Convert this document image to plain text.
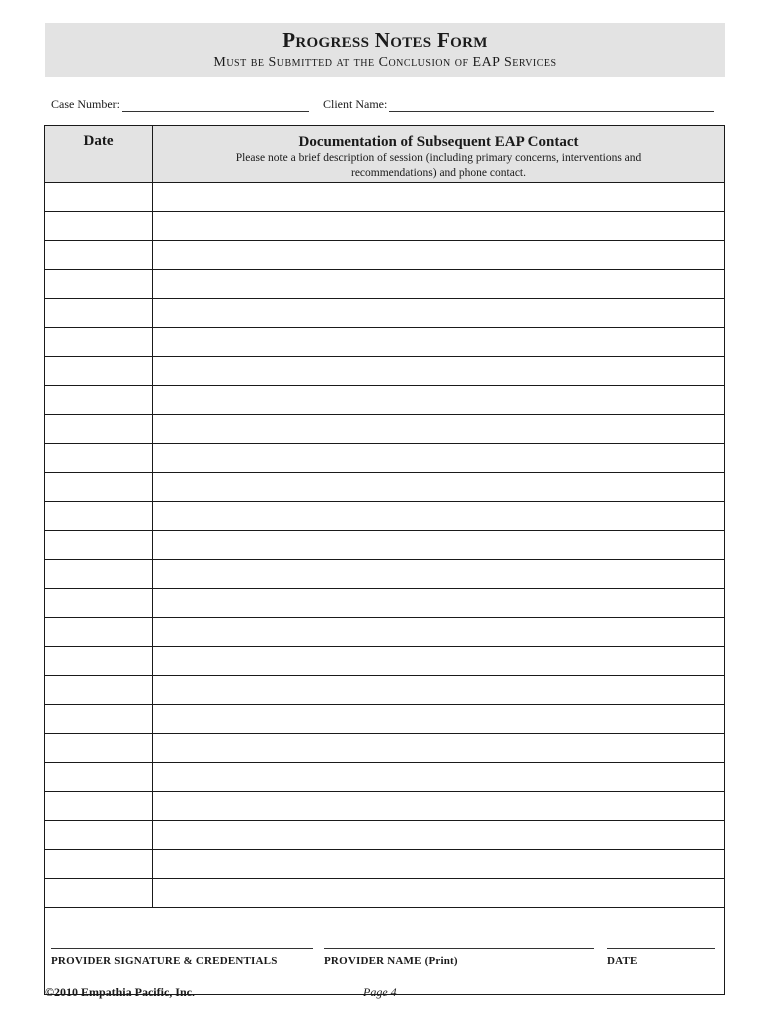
Progress Notes Form
Must be Submitted at the Conclusion of EAP Services
Case Number:	Client Name:
Date	Documentation of Subsequent EAP Contact
Please note a brief description of session (including primary concerns, interventions and recommendations) and phone contact.
PROVIDER SIGNATURE & CREDENTIALS	PROVIDER NAME (Print)	DATE
©2010 Empathia Pacific, Inc.	Page 4
